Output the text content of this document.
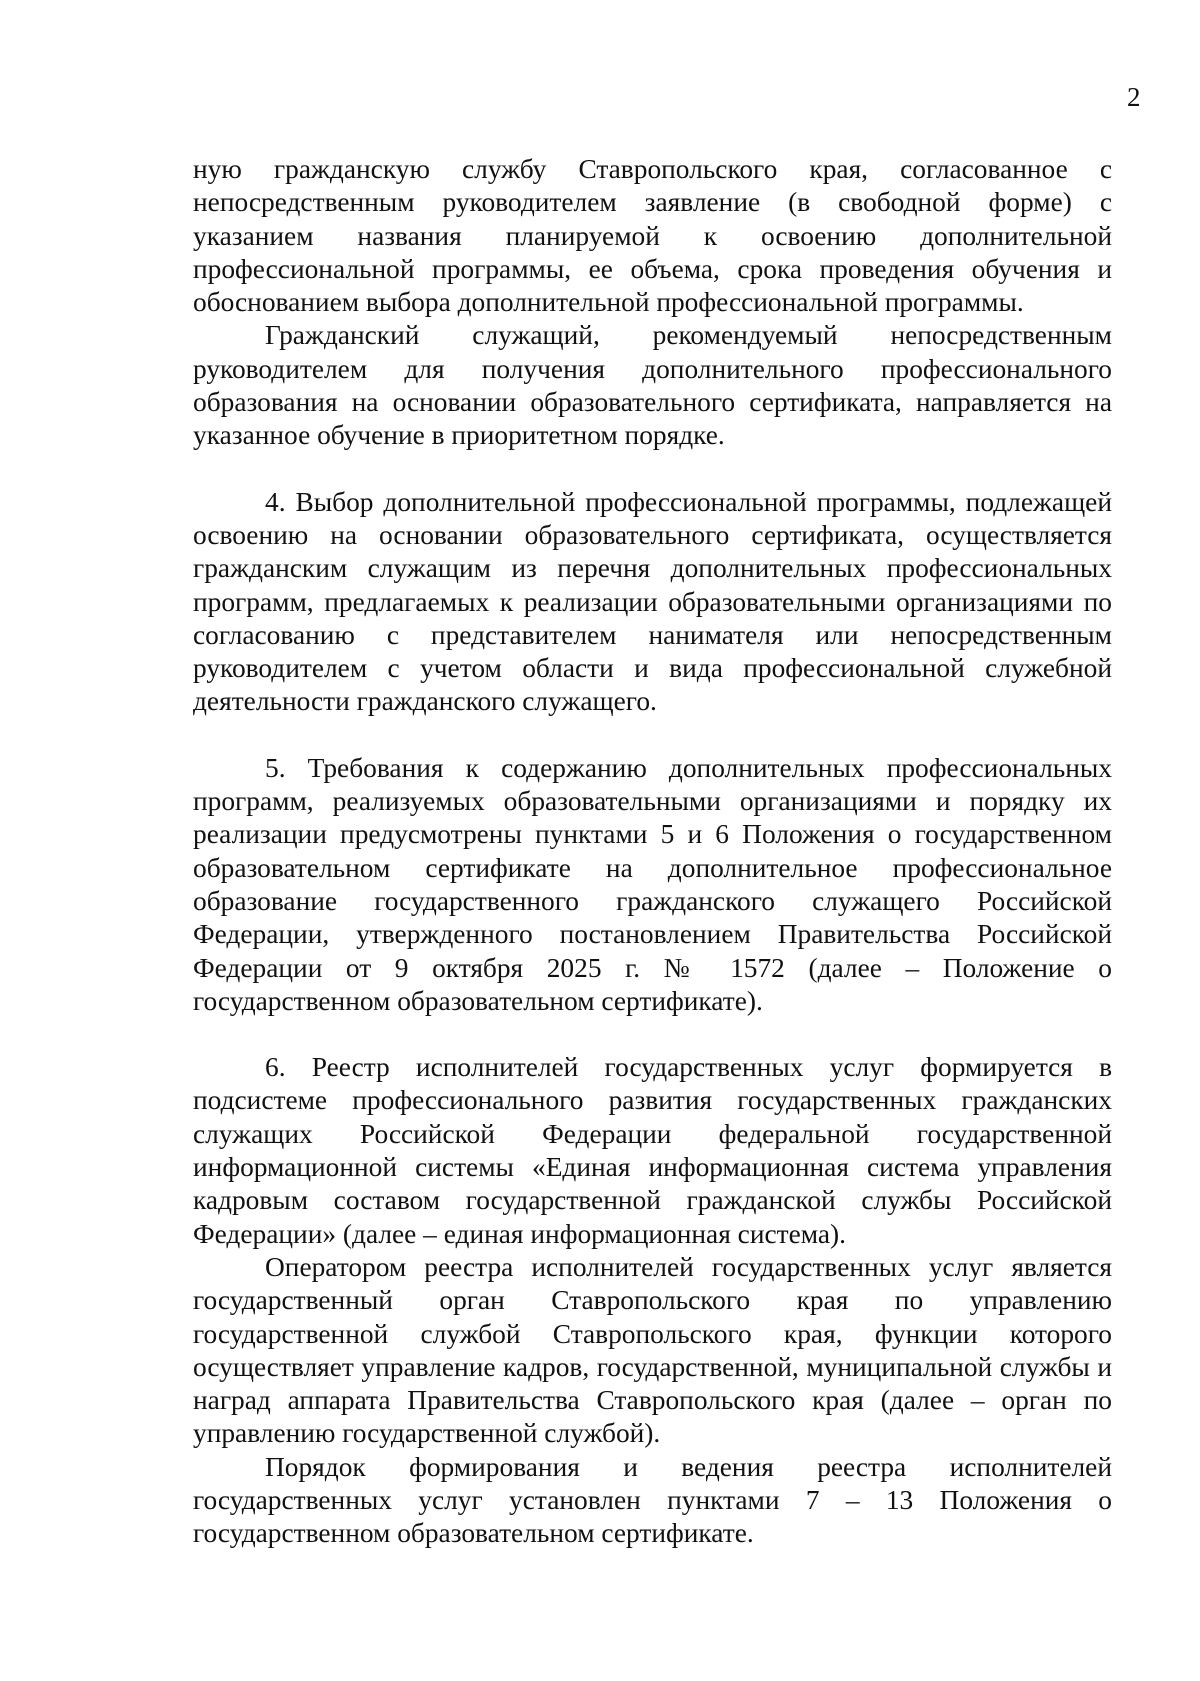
2

ную гражданскую службу Ставропольского края, согласованное с непосредственным руководителем заявление (в свободной форме) с указанием названия планируемой к освоению дополнительной профессиональной программы, ее объема, срока проведения обучения и обоснованием выбора дополнительной профессиональной программы.

Гражданский служащий, рекомендуемый непосредственным руководителем для получения дополнительного профессионального образования на основании образовательного сертификата, направляется на указанное обучение в приоритетном порядке.

4. Выбор дополнительной профессиональной программы, подлежащей освоению на основании образовательного сертификата, осуществляется гражданским служащим из перечня дополнительных профессиональных программ, предлагаемых к реализации образовательными организациями по согласованию с представителем нанимателя или непосредственным руководителем с учетом области и вида профессиональной служебной деятельности гражданского служащего.

5. Требования к содержанию дополнительных профессиональных программ, реализуемых образовательными организациями и порядку их реализации предусмотрены пунктами 5 и 6 Положения о государственном образовательном сертификате на дополнительное профессиональное образование государственного гражданского служащего Российской Федерации, утвержденного постановлением Правительства Российской Федерации от 9 октября 2025 г. № 1572 (далее – Положение о государственном образовательном сертификате).

6. Реестр исполнителей государственных услуг формируется в подсистеме профессионального развития государственных гражданских служащих Российской Федерации федеральной государственной информационной системы «Единая информационная система управления кадровым составом государственной гражданской службы Российской Федерации» (далее – единая информационная система).

Оператором реестра исполнителей государственных услуг является государственный орган Ставропольского края по управлению государственной службой Ставропольского края, функции которого осуществляет управление кадров, государственной, муниципальной службы и наград аппарата Правительства Ставропольского края (далее – орган по управлению государственной службой).

Порядок формирования и ведения реестра исполнителей государственных услуг установлен пунктами 7 – 13 Положения о государственном образовательном сертификате.
